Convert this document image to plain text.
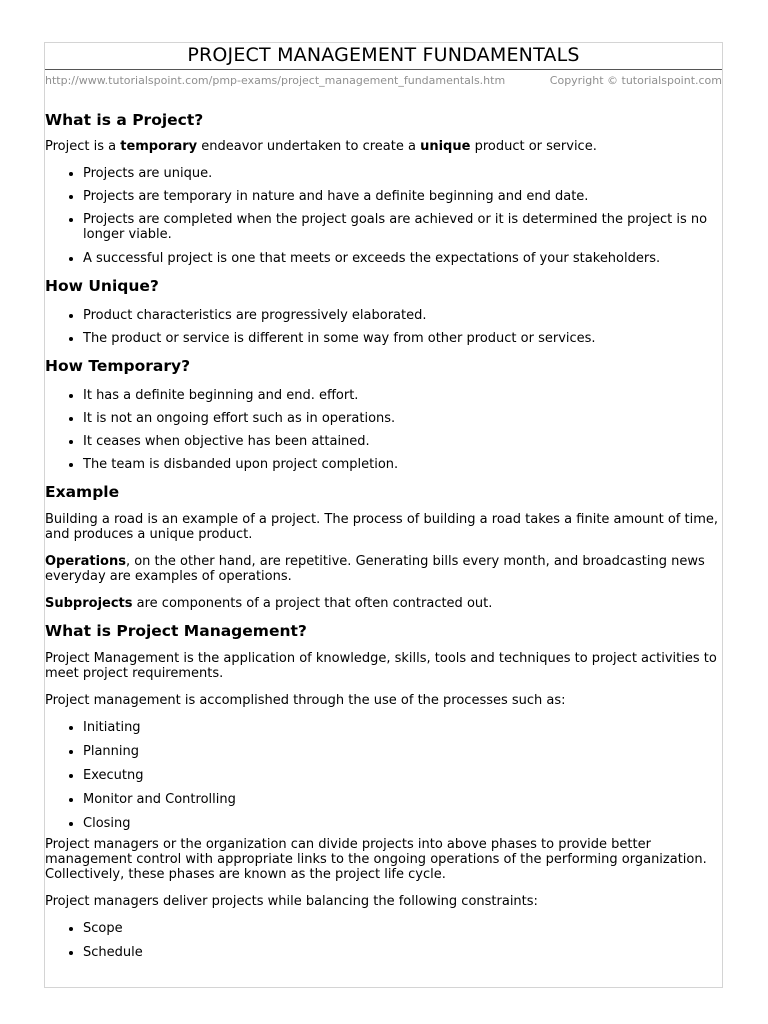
PROJECT MANAGEMENT FUNDAMENTALS
http://www.tutorialspoint.com/pmp-exams/project_management_fundamentals.htm	Copyright © tutorialspoint.com
What is a Project?

Project is a temporary endeavor undertaken to create a unique product or service.

• Projects are unique.
• Projects are temporary in nature and have a definite beginning and end date.
• Projects are completed when the project goals are achieved or it is determined the project is no longer viable.
• A successful project is one that meets or exceeds the expectations of your stakeholders.
How Unique?
• Product characteristics are progressively elaborated.
• The product or service is different in some way from other product or services.
How Temporary?
• It has a definite beginning and end. effort.
• It is not an ongoing effort such as in operations.
• It ceases when objective has been attained.
• The team is disbanded upon project completion.
Example

Building a road is an example of a project. The process of building a road takes a finite amount of time, and produces a unique product.

Operations, on the other hand, are repetitive. Generating bills every month, and broadcasting news everyday are examples of operations.

Subprojects are components of a project that often contracted out.

What is Project Management?

Project Management is the application of knowledge, skills, tools and techniques to project activities to meet project requirements.

Project management is accomplished through the use of the processes such as:

• Initiating
• Planning
• Executng
• Monitor and Controlling
• Closing

Project managers or the organization can divide projects into above phases to provide better management control with appropriate links to the ongoing operations of the performing organization. Collectively, these phases are known as the project life cycle.

Project managers deliver projects while balancing the following constraints:

• Scope
• Schedule
